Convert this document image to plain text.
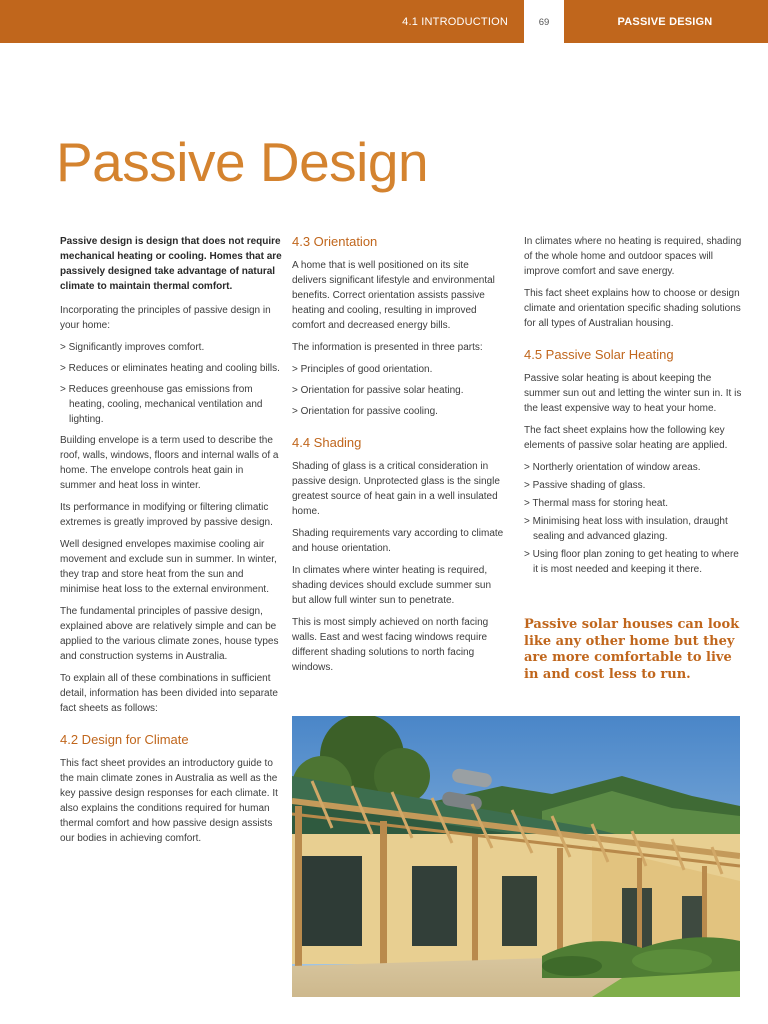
4.1 INTRODUCTION	69	PASSIVE DESIGN
Passive Design

Passive design is design that does not require mechanical heating or cooling. Homes that are passively designed take advantage of natural climate to maintain thermal comfort.

Incorporating the principles of passive design in your home:

> Significantly improves comfort.

> Reduces or eliminates heating and cooling bills.

> Reduces greenhouse gas emissions from heating, cooling, mechanical ventilation and lighting.

Building envelope is a term used to describe the roof, walls, windows, floors and internal walls of a home. The envelope controls heat gain in summer and heat loss in winter.

Its performance in modifying or filtering climatic extremes is greatly improved by passive design.

Well designed envelopes maximise cooling air movement and exclude sun in summer. In winter, they trap and store heat from the sun and minimise heat loss to the external environment.

The fundamental principles of passive design, explained above are relatively simple and can be applied to the various climate zones, house types and construction systems in Australia.

To explain all of these combinations in sufficient detail, information has been divided into separate fact sheets as follows:

4.2 Design for Climate

This fact sheet provides an introductory guide to the main climate zones in Australia as well as the key passive design responses for each climate. It also explains the conditions required for human thermal comfort and how passive design assists our bodies in achieving comfort.

4.3 Orientation

A home that is well positioned on its site delivers significant lifestyle and environmental benefits. Correct orientation assists passive heating and cooling, resulting in improved comfort and decreased energy bills.

The information is presented in three parts:

> Principles of good orientation.

> Orientation for passive solar heating.

> Orientation for passive cooling.

4.4 Shading

Shading of glass is a critical consideration in passive design. Unprotected glass is the single greatest source of heat gain in a well insulated home.

Shading requirements vary according to climate and house orientation.

In climates where winter heating is required, shading devices should exclude summer sun but allow full winter sun to penetrate.

This is most simply achieved on north facing walls. East and west facing windows require different shading solutions to north facing windows.

In climates where no heating is required, shading of the whole home and outdoor spaces will improve comfort and save energy.

This fact sheet explains how to choose or design climate and orientation specific shading solutions for all types of Australian housing.

4.5 Passive Solar Heating

Passive solar heating is about keeping the summer sun out and letting the winter sun in. It is the least expensive way to heat your home.

The fact sheet explains how the following key elements of passive solar heating are applied.

> Northerly orientation of window areas.

> Passive shading of glass.

> Thermal mass for storing heat.

> Minimising heat loss with insulation, draught sealing and advanced glazing.

> Using floor plan zoning to get heating to where it is most needed and keeping it there.

Passive solar houses can look like any other home but they are more comfortable to live in and cost less to run.
